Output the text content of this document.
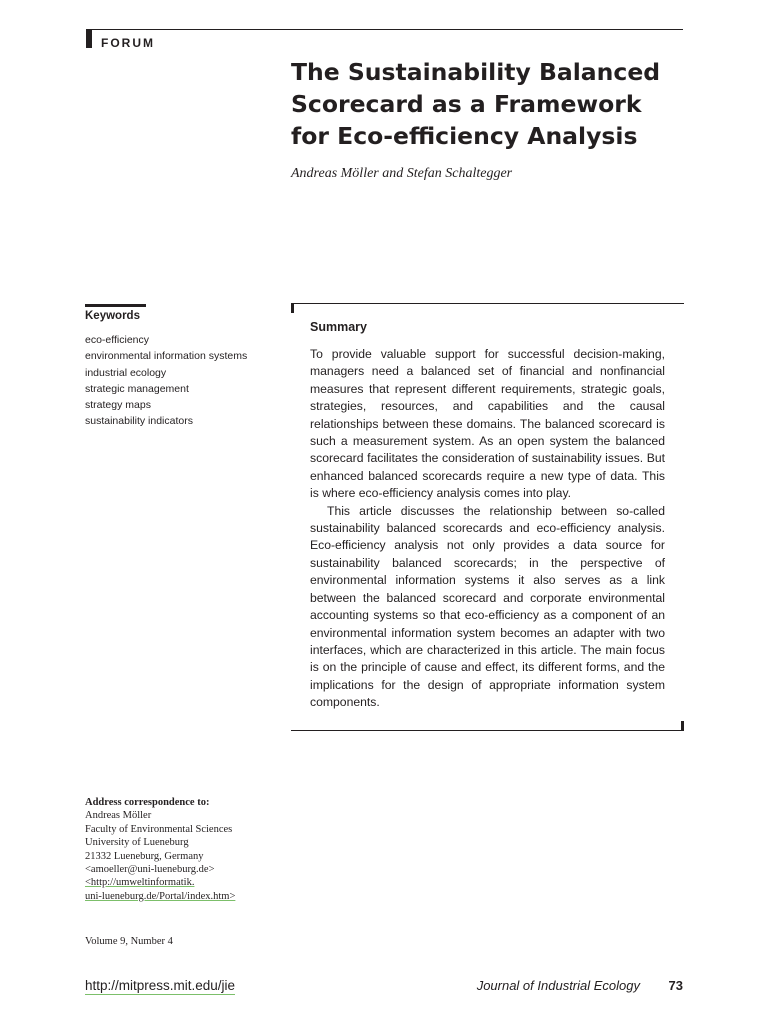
FORUM
The Sustainability Balanced
Scorecard as a Framework
for Eco-efficiency Analysis
Andreas Möller and Stefan Schaltegger
Keywords
eco-efficiency
environmental information systems
industrial ecology
strategic management
strategy maps
sustainability indicators
Summary

To provide valuable support for successful decision-making, managers need a balanced set of financial and nonfinancial measures that represent different requirements, strategic goals, strategies, resources, and capabilities and the causal relationships between these domains. The balanced scorecard is such a measurement system. As an open system the balanced scorecard facilitates the consideration of sustainability issues. But enhanced balanced scorecards require a new type of data. This is where eco-efficiency analysis comes into play.

This article discusses the relationship between so-called sustainability balanced scorecards and eco-efficiency analysis. Eco-efficiency analysis not only provides a data source for sustainability balanced scorecards; in the perspective of environmental information systems it also serves as a link between the balanced scorecard and corporate environmental accounting systems so that eco-efficiency as a component of an environmental information system becomes an adapter with two interfaces, which are characterized in this article. The main focus is on the principle of cause and effect, its different forms, and the implications for the design of appropriate information system components.

Address correspondence to:
Andreas Möller
Faculty of Environmental Sciences
University of Lueneburg
21332 Lueneburg, Germany
<amoeller@uni-lueneburg.de>
<http://umweltinformatik.
uni-lueneburg.de/Portal/index.htm>
Volume 9, Number 4
http://mitpress.mit.edu/jie	Journal of Industrial Ecology 73
